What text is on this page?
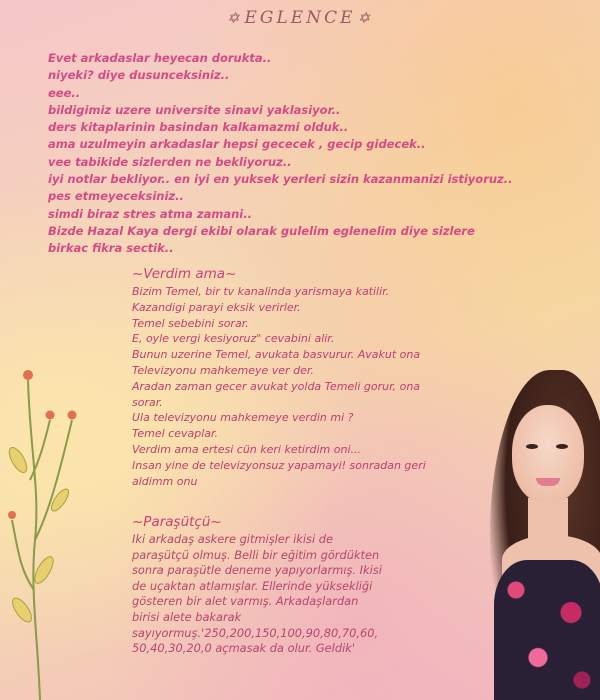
✡ EGLENCE ✡
Evet arkadaslar heyecan dorukta..
niyeki? diye dusunceksiniz..
eee..
bildigimiz uzere universite sinavi yaklasiyor..
ders kitaplarinin basindan kalkamazmi olduk..
ama uzulmeyin arkadaslar hepsi gececek , gecip gidecek..
vee tabikide sizlerden ne bekliyoruz..
iyi notlar bekliyor.. en iyi en yuksek yerleri sizin kazanmanizi istiyoruz..
pes etmeyeceksiniz..
simdi biraz stres atma zamani..
Bizde Hazal Kaya dergi ekibi olarak gulelim eglenelim diye sizlere birkac fikra sectik..
~Verdim ama~
Bizim Temel, bir tv kanalinda yarismaya katilir.
Kazandigi parayi eksik verirler.
Temel sebebini sorar.
E, oyle vergi kesiyoruz" cevabini alir.
Bunun uzerine Temel, avukata basvurur. Avakut ona
Televizyonu mahkemeye ver der.
Aradan zaman gecer avukat yolda Temeli gorur, ona
sorar.
Ula televizyonu mahkemeye verdin mi ?
Temel cevaplar.
Verdim ama ertesi cün keri ketirdim oni...
Insan yine de televizyonsuz yapamayi! sonradan geri
aldimm onu
~Paraşütçü~
Iki arkadaş askere gitmişler ikisi de
paraşütçü olmuş. Belli bir eğitim gördükten
sonra paraşütle deneme yapıyorlarmış. Ikisi
de uçaktan atlamışlar. Ellerinde yüksekliği
gösteren bir alet varmış. Arkadaşlardan
birisi alete bakarak
sayıyormuş.'250,200,150,100,90,80,70,60,
50,40,30,20,0 açmasak da olur. Geldik'
